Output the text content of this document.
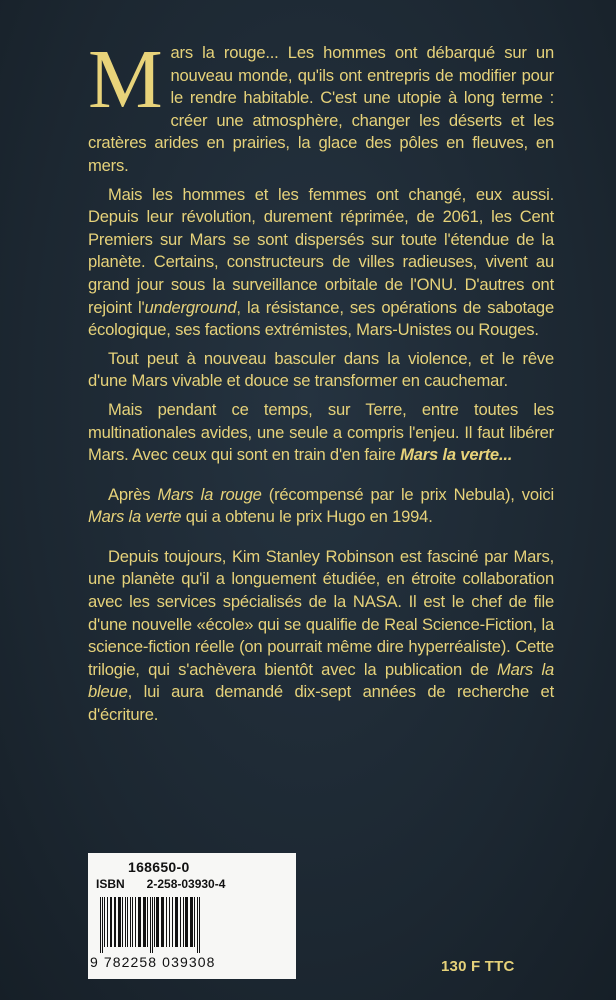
Mars la rouge... Les hommes ont débarqué sur un nouveau monde, qu'ils ont entrepris de modifier pour le rendre habitable. C'est une utopie à long terme : créer une atmosphère, changer les déserts et les cratères arides en prairies, la glace des pôles en fleuves, en mers.

Mais les hommes et les femmes ont changé, eux aussi. Depuis leur révolution, durement réprimée, de 2061, les Cent Premiers sur Mars se sont dispersés sur toute l'étendue de la planète. Certains, constructeurs de villes radieuses, vivent au grand jour sous la surveillance orbitale de l'ONU. D'autres ont rejoint l'underground, la résistance, ses opérations de sabotage écologique, ses factions extrémistes, Mars-Unistes ou Rouges.

Tout peut à nouveau basculer dans la violence, et le rêve d'une Mars vivable et douce se transformer en cauchemar.

Mais pendant ce temps, sur Terre, entre toutes les multinationales avides, une seule a compris l'enjeu. Il faut libérer Mars. Avec ceux qui sont en train d'en faire Mars la verte...

Après Mars la rouge (récompensé par le prix Nebula), voici Mars la verte qui a obtenu le prix Hugo en 1994.

Depuis toujours, Kim Stanley Robinson est fasciné par Mars, une planète qu'il a longuement étudiée, en étroite collaboration avec les services spécialisés de la NASA. Il est le chef de file d'une nouvelle «école» qui se qualifie de Real Science-Fiction, la science-fiction réelle (on pourrait même dire hyperréaliste). Cette trilogie, qui s'achèvera bientôt avec la publication de Mars la bleue, lui aura demandé dix-sept années de recherche et d'écriture.

168650-0
ISBN 2-258-03930-4
9 782258 039308	130 F TTC
